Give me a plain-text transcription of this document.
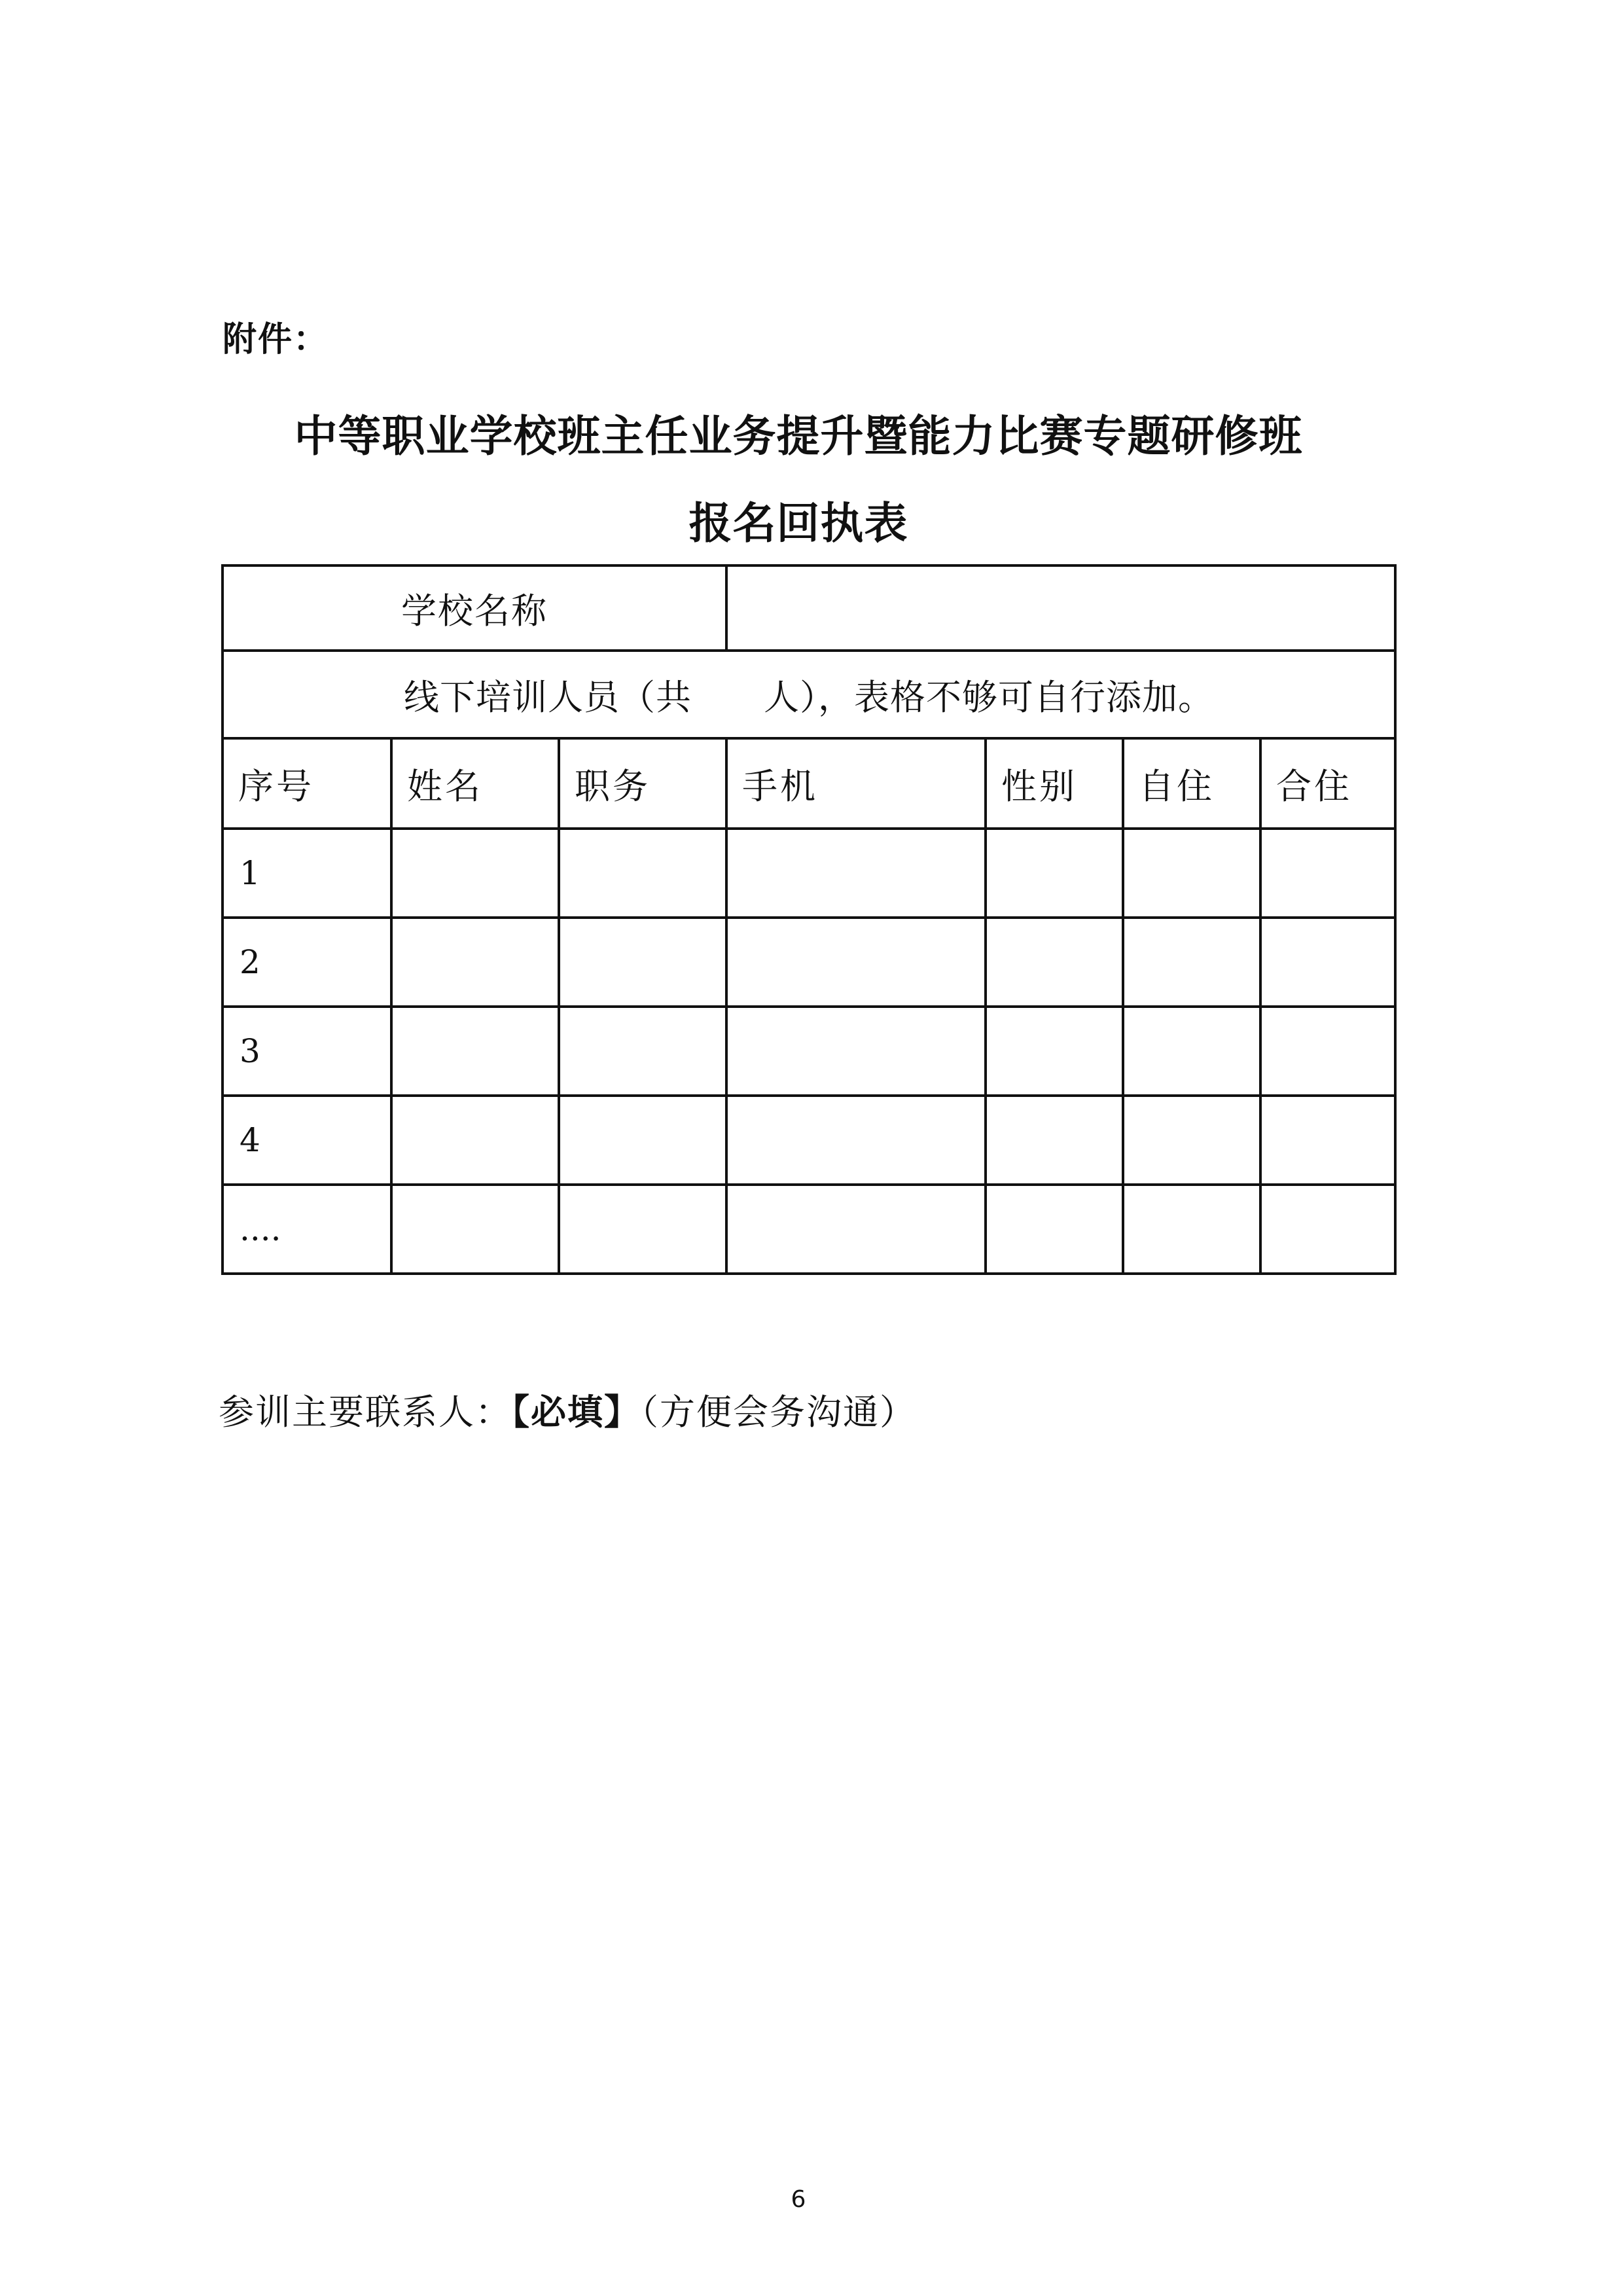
附件：
中等职业学校班主任业务提升暨能力比赛专题研修班
报名回执表
学校名称						
线下培训人员（共 人），表格不够可自行添加。						
序号	姓名	职务	手机	性别	自住	合住
1						
2						
3						
4						
....						
参训主要联系人：【必填】（方便会务沟通）
6
